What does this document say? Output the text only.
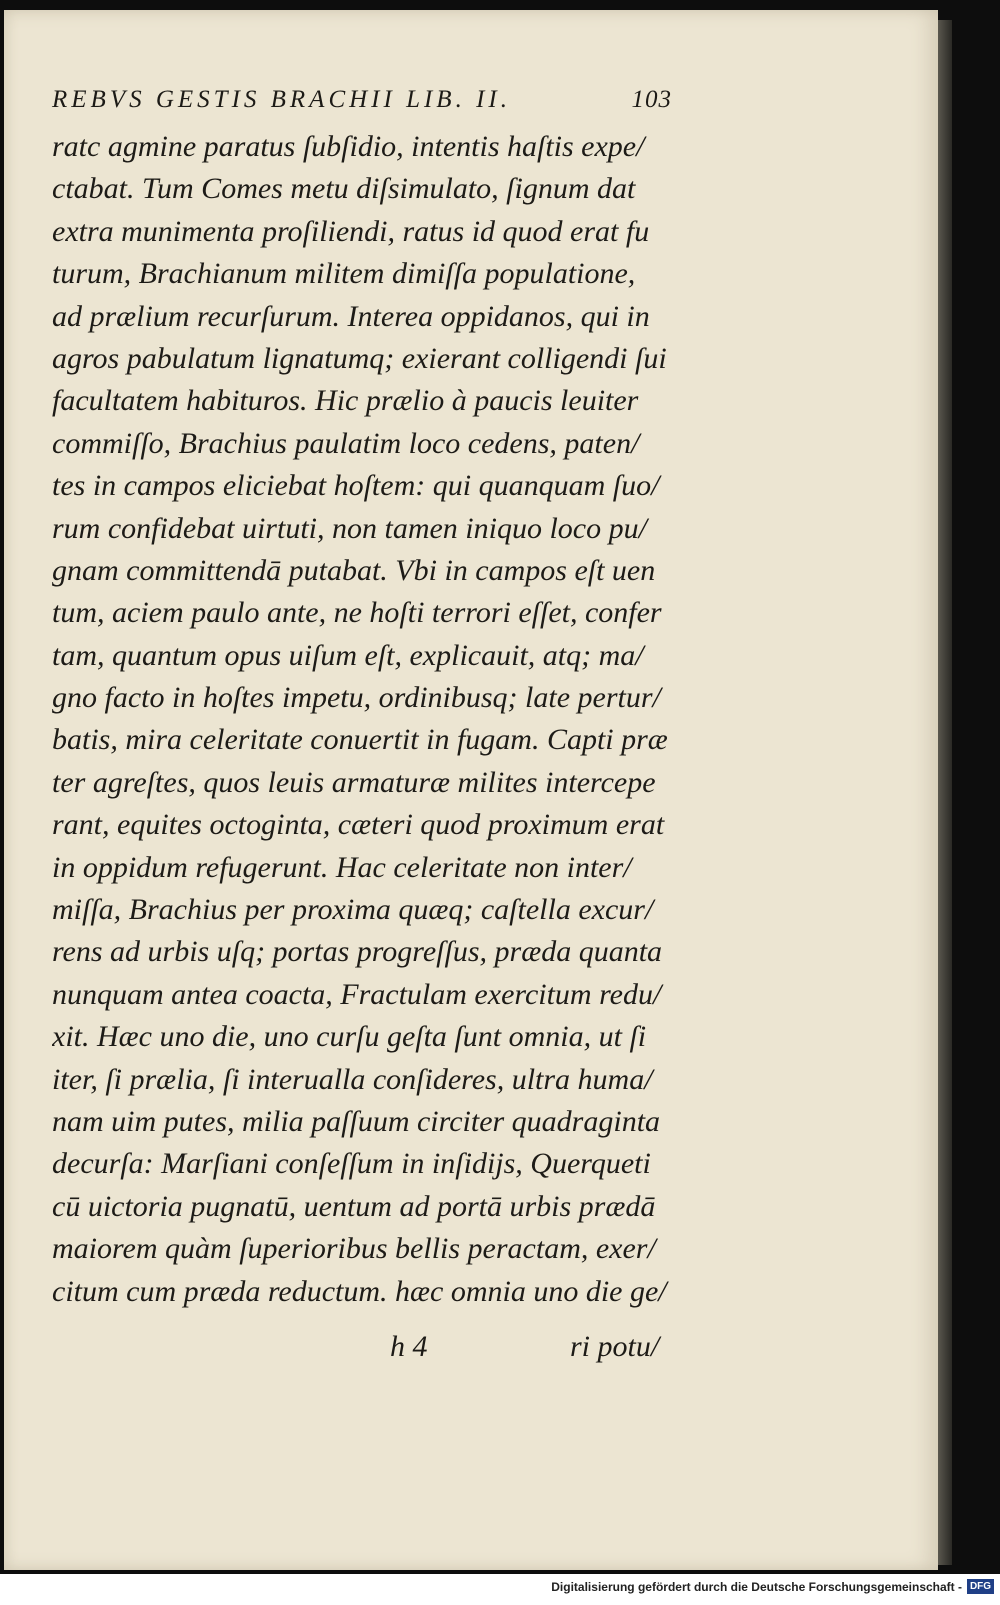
REBVS GESTIS BRACHII LIB. II.	103
ratc agmine paratus ſubſidio, intentis haſtis expe/
ctabat. Tum Comes metu diſsimulato, ſignum dat
extra munimenta proſiliendi, ratus id quod erat fu
turum, Brachianum militem dimiſſa populatione,
ad prælium recurſurum. Interea oppidanos, qui in
agros pabulatum lignatumq; exierant colligendi ſui
facultatem habituros. Hic prælio à paucis leuiter
commiſſo, Brachius paulatim loco cedens, paten/
tes in campos eliciebat hoſtem: qui quanquam ſuo/
rum confidebat uirtuti, non tamen iniquo loco pu/
gnam committendā putabat. Vbi in campos eſt uen
tum, aciem paulo ante, ne hoſti terrori eſſet, confer
tam, quantum opus uiſum eſt, explicauit, atq; ma/
gno facto in hoſtes impetu, ordinibusq; late pertur/
batis, mira celeritate conuertit in fugam. Capti præ
ter agreſtes, quos leuis armaturæ milites intercepe
rant, equites octoginta, cæteri quod proximum erat
in oppidum refugerunt. Hac celeritate non inter/
miſſa, Brachius per proxima quæq; caſtella excur/
rens ad urbis uſq; portas progreſſus, præda quanta
nunquam antea coacta, Fractulam exercitum redu/
xit. Hæc uno die, uno curſu geſta ſunt omnia, ut ſi
iter, ſi prælia, ſi interualla conſideres, ultra huma/
nam uim putes, milia paſſuum circiter quadraginta
decurſa: Marſiani conſeſſum in inſidijs, Querqueti
cū uictoria pugnatū, uentum ad portā urbis prædā
maiorem quàm ſuperioribus bellis peractam, exer/
citum cum præda reductum. hæc omnia uno die ge/
h 4	ri potu/
Digitalisierung gefördert durch die Deutsche Forschungsgemeinschaft - DFG
